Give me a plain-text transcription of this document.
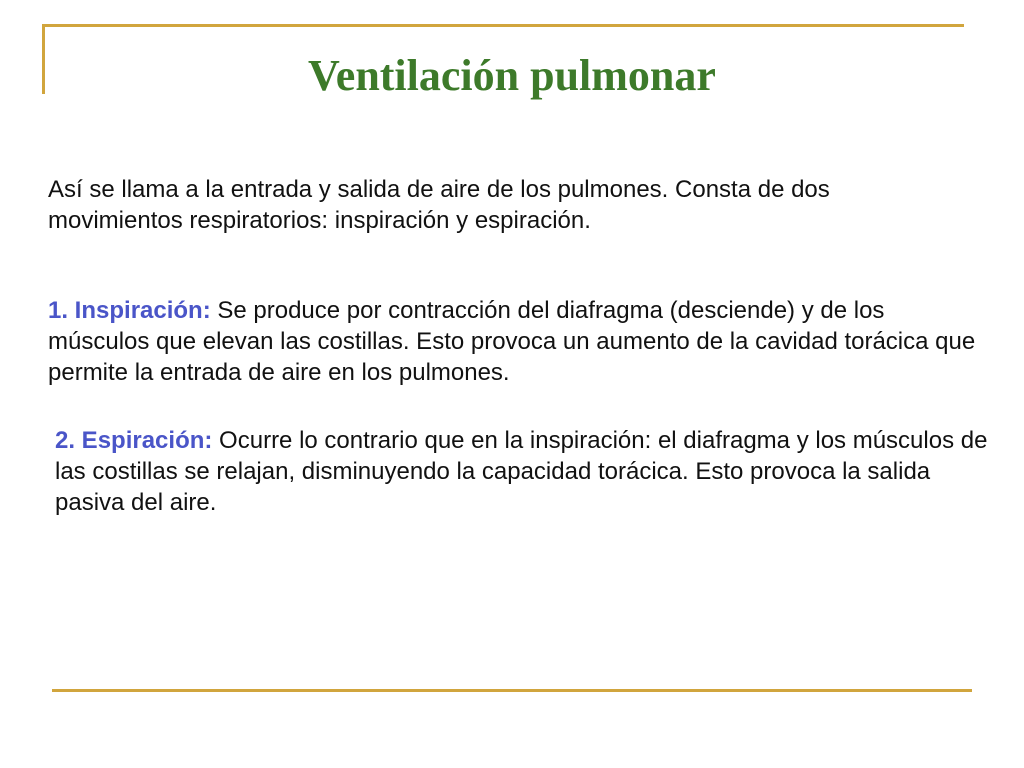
Ventilación pulmonar

Así se llama a la entrada y salida de aire de los pulmones. Consta de dos movimientos respiratorios: inspiración y espiración.

1. Inspiración: Se produce por contracción del diafragma (desciende) y de los músculos que elevan las costillas. Esto provoca un aumento de la cavidad torácica que permite la entrada de aire en los pulmones.

2. Espiración: Ocurre lo contrario que en la inspiración: el diafragma y los músculos de las costillas se relajan, disminuyendo la capacidad torácica. Esto provoca la salida pasiva del aire.
